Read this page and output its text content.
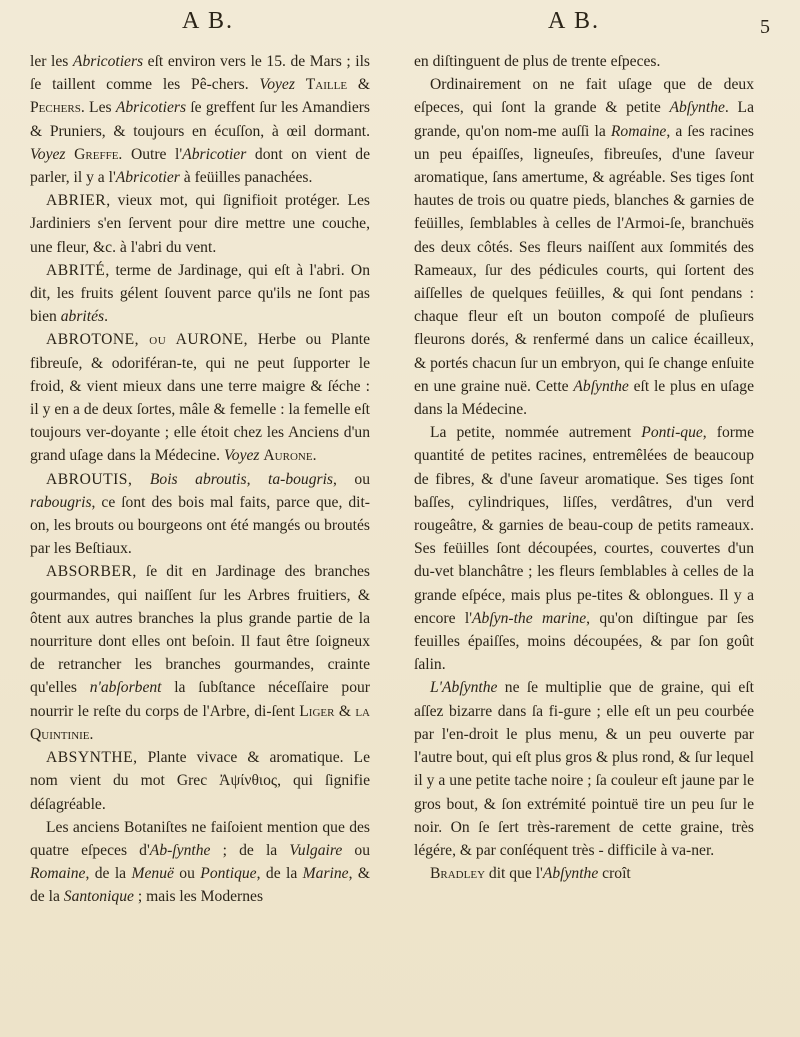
A B.	A B.	5

ler les Abricotiers eſt environ vers le 15. de Mars ; ils ſe taillent comme les Pê-chers. Voyez Taille & Pechers. Les Abricotiers ſe greffent ſur les Amandiers & Pruniers, & toujours en écuſſon, à œil dormant. Voyez Greffe. Outre l'Abricotier dont on vient de parler, il y a l'Abricotier à feüilles panachées.

ABRIER, vieux mot, qui ſignifioit protéger. Les Jardiniers s'en ſervent pour dire mettre une couche, une fleur, &c. à l'abri du vent.

ABRITÉ, terme de Jardinage, qui eſt à l'abri. On dit, les fruits gélent ſouvent parce qu'ils ne ſont pas bien abrités.

ABROTONE, ou AURONE, Herbe ou Plante fibreuſe, & odoriféran-te, qui ne peut ſupporter le froid, & vient mieux dans une terre maigre & ſéche : il y en a de deux ſortes, mâle & femelle : la femelle eſt toujours ver-doyante ; elle étoit chez les Anciens d'un grand uſage dans la Médecine. Voyez Aurone.

ABROUTIS, Bois abroutis, ta-bougris, ou rabougris, ce ſont des bois mal faits, parce que, dit-on, les brouts ou bourgeons ont été mangés ou broutés par les Beſtiaux.

ABSORBER, ſe dit en Jardinage des branches gourmandes, qui naiſſent ſur les Arbres fruitiers, & ôtent aux autres branches la plus grande partie de la nourriture dont elles ont beſoin. Il faut être ſoigneux de retrancher les branches gourmandes, crainte qu'elles n'abſorbent la ſubſtance néceſſaire pour nourrir le reſte du corps de l'Arbre, di-ſent Liger & la Quintinie.

ABSYNTHE, Plante vivace & aromatique. Le nom vient du mot Grec Ἀψίνθιος, qui ſignifie déſagréable.

Les anciens Botaniſtes ne faiſoient mention que des quatre eſpeces d'Ab-ſynthe ; de la Vulgaire ou Romaine, de la Menuë ou Pontique, de la Marine, & de la Santonique ; mais les Modernes

en diſtinguent de plus de trente eſpeces.

Ordinairement on ne fait uſage que de deux eſpeces, qui ſont la grande & petite Abſynthe. La grande, qu'on nom-me auſſi la Romaine, a ſes racines un peu épaiſſes, ligneuſes, fibreuſes, d'une ſaveur aromatique, ſans amertume, & agréable. Ses tiges ſont hautes de trois ou quatre pieds, blanches & garnies de feüilles, ſemblables à celles de l'Armoi-ſe, branchuës des deux côtés. Ses fleurs naiſſent aux ſommités des Rameaux, ſur des pédicules courts, qui ſortent des aiſſelles de quelques feüilles, & qui ſont pendans : chaque fleur eſt un bouton compoſé de pluſieurs fleurons dorés, & renfermé dans un calice écailleux, & portés chacun ſur un embryon, qui ſe change enſuite en une graine nuë. Cette Abſynthe eſt le plus en uſage dans la Médecine.

La petite, nommée autrement Ponti-que, forme quantité de petites racines, entremêlées de beaucoup de fibres, & d'une ſaveur aromatique. Ses tiges ſont baſſes, cylindriques, liſſes, verdâtres, d'un verd rougeâtre, & garnies de beau-coup de petits rameaux. Ses feüilles ſont découpées, courtes, couvertes d'un du-vet blanchâtre ; les fleurs ſemblables à celles de la grande eſpéce, mais plus pe-tites & oblongues. Il y a encore l'Abſyn-the marine, qu'on diſtingue par ſes feuilles épaiſſes, moins découpées, & par ſon goût ſalin.

L'Abſynthe ne ſe multiplie que de graine, qui eſt aſſez bizarre dans ſa fi-gure ; elle eſt un peu courbée par l'en-droit le plus menu, & un peu ouverte par l'autre bout, qui eſt plus gros & plus rond, & ſur lequel il y a une petite tache noire ; ſa couleur eſt jaune par le gros bout, & ſon extrémité pointuë tire un peu ſur le noir. On ſe ſert très-rarement de cette graine, très légére, & par conſéquent très - difficile à va-ner.

Bradley dit que l'Abſynthe croît
